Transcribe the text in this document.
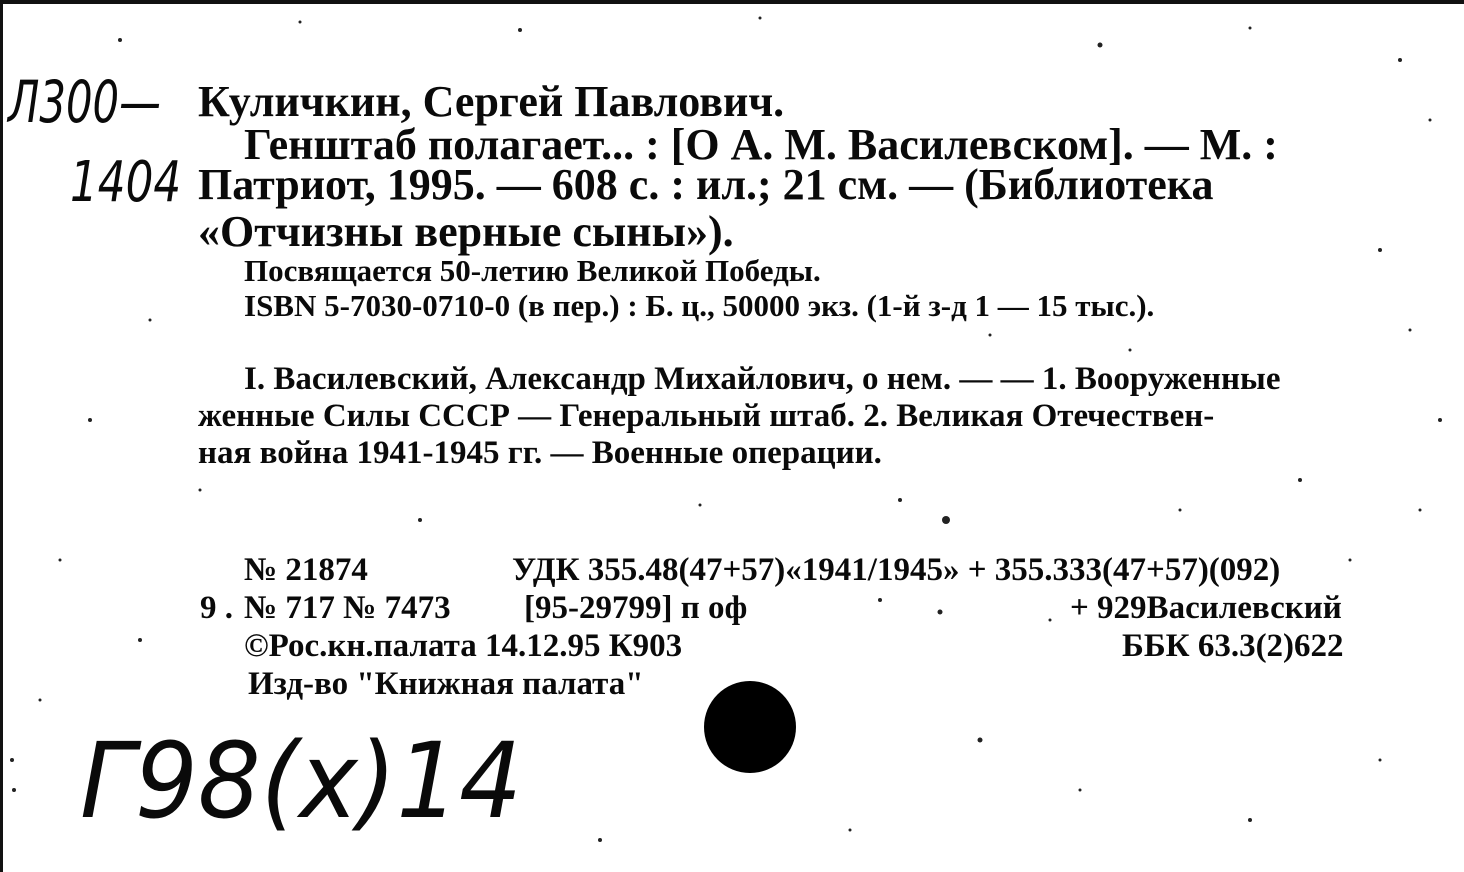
Л300—
1404
Г98(х)14
Куличкин, Сергей Павлович.
Генштаб полагает... : [О А. М. Василевском]. — М. :
Патриот, 1995. — 608 с. : ил.; 21 см. — (Библиотека
«Отчизны верные сыны»).
Посвящается 50-летию Великой Победы.
ISBN 5-7030-0710-0 (в пер.) : Б. ц., 50000 экз. (1-й з-д 1 — 15 тыс.).
I. Василевский, Александр Михайлович, о нем. — — 1. Вооруженные
женные Силы СССР — Генеральный штаб. 2. Великая Отечествен-
ная война 1941-1945 гг. — Военные операции.
№ 21874	УДК 355.48(47+57)«1941/1945» + 355.333(47+57)(092)
9 . № 717 № 7473 [95-29799] п оф	+ 929Василевский
©Рос.кн.палата 14.12.95 К903	ББК 63.3(2)622
Изд-во "Книжная палата"
